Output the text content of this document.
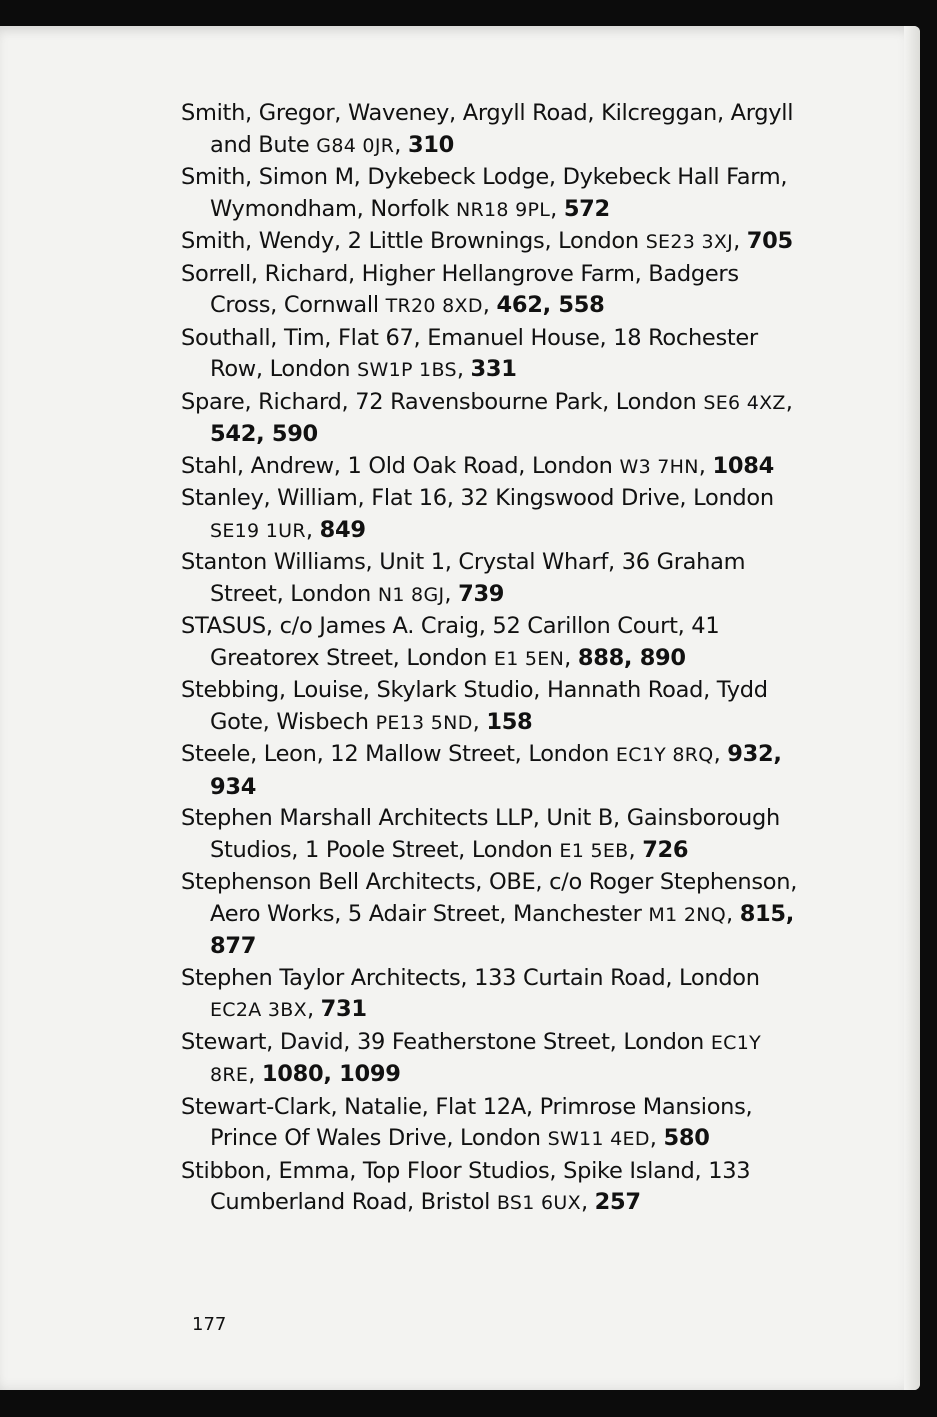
Smith, Gregor, Waveney, Argyll Road, Kilcreggan, Argyll and Bute G84 0JR, 310

Smith, Simon M, Dykebeck Lodge, Dykebeck Hall Farm, Wymondham, Norfolk NR18 9PL, 572

Smith, Wendy, 2 Little Brownings, London SE23 3XJ, 705

Sorrell, Richard, Higher Hellangrove Farm, Badgers Cross, Cornwall TR20 8XD, 462, 558

Southall, Tim, Flat 67, Emanuel House, 18 Rochester Row, London SW1P 1BS, 331

Spare, Richard, 72 Ravensbourne Park, London SE6 4XZ, 542, 590

Stahl, Andrew, 1 Old Oak Road, London W3 7HN, 1084

Stanley, William, Flat 16, 32 Kingswood Drive, London SE19 1UR, 849

Stanton Williams, Unit 1, Crystal Wharf, 36 Graham Street, London N1 8GJ, 739

STASUS, c/o James A. Craig, 52 Carillon Court, 41 Greatorex Street, London E1 5EN, 888, 890

Stebbing, Louise, Skylark Studio, Hannath Road, Tydd Gote, Wisbech PE13 5ND, 158

Steele, Leon, 12 Mallow Street, London EC1Y 8RQ, 932, 934

Stephen Marshall Architects LLP, Unit B, Gainsborough Studios, 1 Poole Street, London E1 5EB, 726

Stephenson Bell Architects, OBE, c/o Roger Stephenson, Aero Works, 5 Adair Street, Manchester M1 2NQ, 815, 877

Stephen Taylor Architects, 133 Curtain Road, London EC2A 3BX, 731

Stewart, David, 39 Featherstone Street, London EC1Y 8RE, 1080, 1099

Stewart-Clark, Natalie, Flat 12A, Primrose Mansions, Prince Of Wales Drive, London SW11 4ED, 580

Stibbon, Emma, Top Floor Studios, Spike Island, 133 Cumberland Road, Bristol BS1 6UX, 257

177
